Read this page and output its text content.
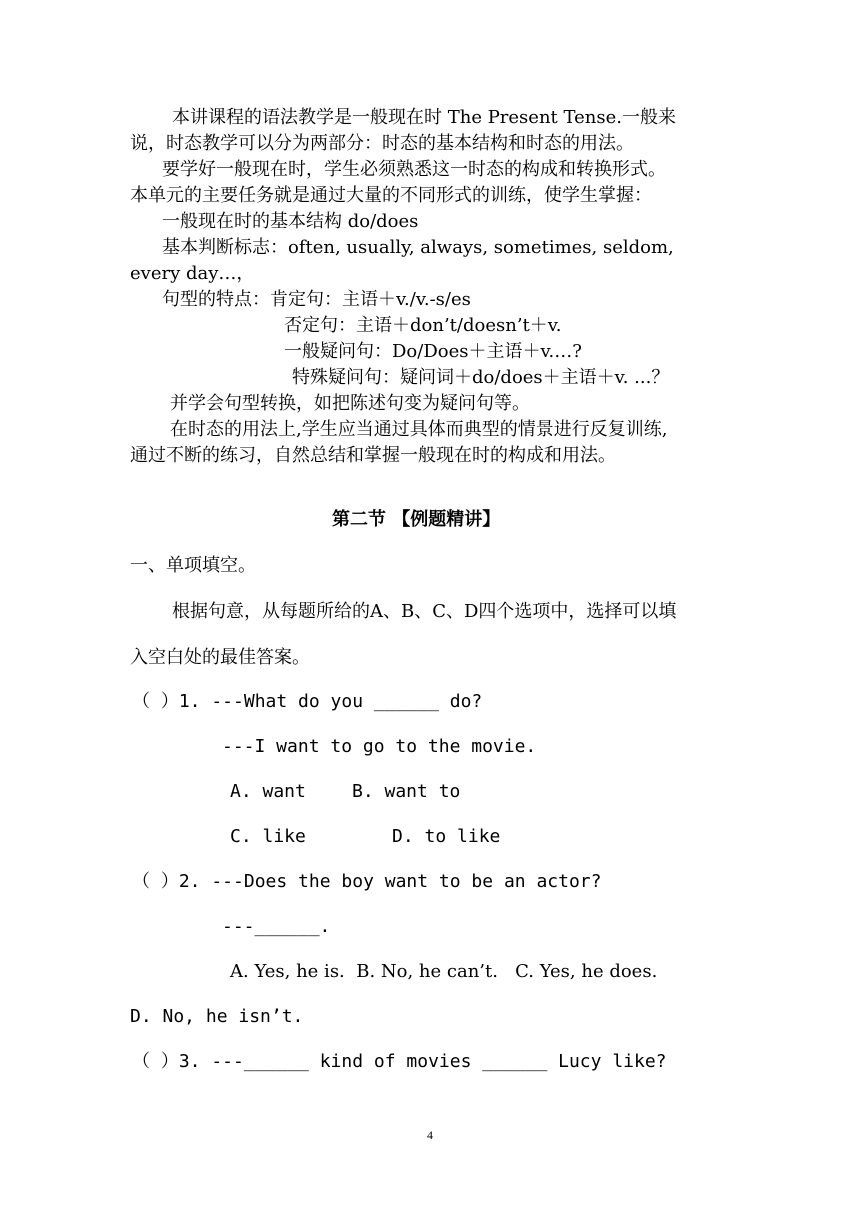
本讲课程的语法教学是一般现在时 The Present Tense.一般来
说，时态教学可以分为两部分：时态的基本结构和时态的用法。
要学好一般现在时，学生必须熟悉这一时态的构成和转换形式。
本单元的主要任务就是通过大量的不同形式的训练，使学生掌握：
一般现在时的基本结构 do/does
基本判断标志：often, usually, always, sometimes, seldom,
every day…，
句型的特点：肯定句：主语＋v./v.-s/es
否定句：主语＋don’t/doesn’t＋v.
一般疑问句：Do/Does＋主语＋v.…?
特殊疑问句：疑问词＋do/does＋主语＋v. ...？
并学会句型转换，如把陈述句变为疑问句等。
在时态的用法上,学生应当通过具体而典型的情景进行反复训练,
通过不断的练习，自然总结和掌握一般现在时的构成和用法。
第二节 【例题精讲】
一、单项填空。
根据句意，从每题所给的A、B、C、D四个选项中，选择可以填
入空白处的最佳答案。
（ ）1. ---What do you ______ do?
---I want to go to the movie.
A. want	B. want to
C. like	D. to like
（ ）2. ---Does the boy want to be an actor?
---______.
A. Yes, he is.  B. No, he can’t.   C. Yes, he does.
D. No, he isn’t.
（ ）3. ---______ kind of movies ______ Lucy like?
4
